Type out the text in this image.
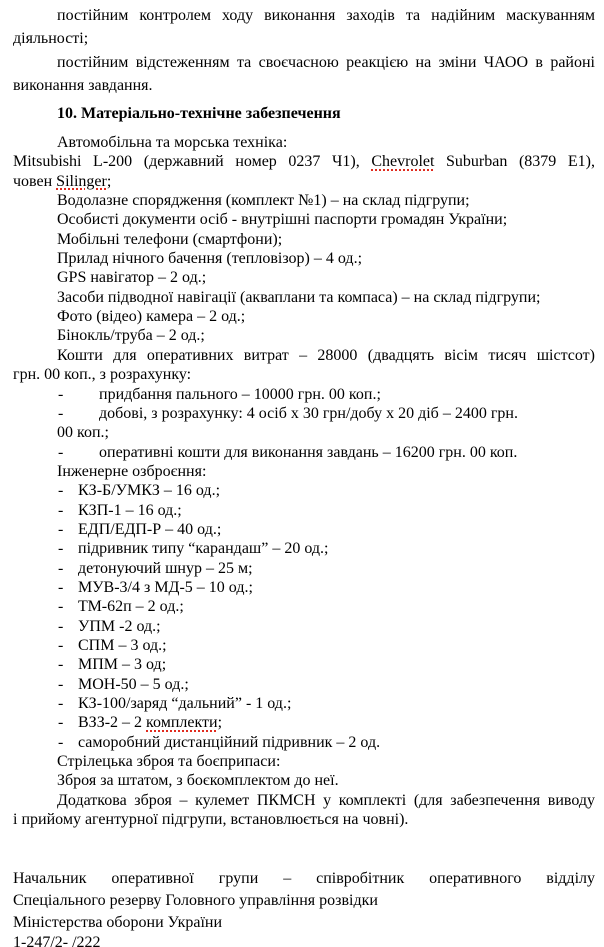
постійним контролем ходу виконання заходів та надійним маскуванням
діяльності;
постійним відстеженням та своєчасною реакцією на зміни ЧАОО в районі
виконання завдання.
10. Матеріально-технічне забезпечення
Автомобільна та морська техніка:
Mitsubishi L-200 (державний номер 0237 Ч1), Chevrolet Suburban (8379 Е1),
човен Silinger;
Водолазне спорядження (комплект №1) – на склад підгрупи;
Особисті документи осіб - внутрішні паспорти громадян України;
Мобільні телефони (смартфони);
Прилад нічного бачення (тепловізор) – 4 од.;
GPS навігатор – 2 од.;
Засоби підводної навігації (акваплани та компаса) – на склад підгрупи;
Фото (відео) камера – 2 од.;
Бінокль/труба – 2 од.;
Кошти для оперативних витрат – 28000 (двадцять вісім тисяч шістсот)
грн. 00 коп., з розрахунку:
- придбання пального – 10000 грн. 00 коп.;
- добові, з розрахунку: 4 осіб х 30 грн/добу х 20 діб – 2400 грн.
00 коп.;
- оперативні кошти для виконання завдань – 16200 грн. 00 коп.
Інженерне озброєння:
- КЗ-Б/УМКЗ – 16 од.;
- КЗП-1 – 16 од.;
- ЕДП/ЕДП-Р – 40 од.;
- підривник типу “карандаш” – 20 од.;
- детонуючий шнур – 25 м;
- МУВ-3/4 з МД-5 – 10 од.;
- ТМ-62п – 2 од.;
- УПМ -2 од.;
- СПМ – 3 од.;
- МПМ – 3 од;
- МОН-50 – 5 од.;
- КЗ-100/заряд “дальний” - 1 од.;
- ВЗЗ-2 – 2 комплекти;
- саморобний дистанційний підривник – 2 од.
Стрілецька зброя та боєприпаси:
Зброя за штатом, з боєкомплектом до неї.
Додаткова зброя – кулемет ПКМСН у комплекті (для забезпечення виводу
і прийому агентурної підгрупи, встановлюється на човні).
Начальник оперативної групи – співробітник оперативного відділу
Спеціального резерву Головного управління розвідки
Міністерства оборони України
1-247/2- /222
